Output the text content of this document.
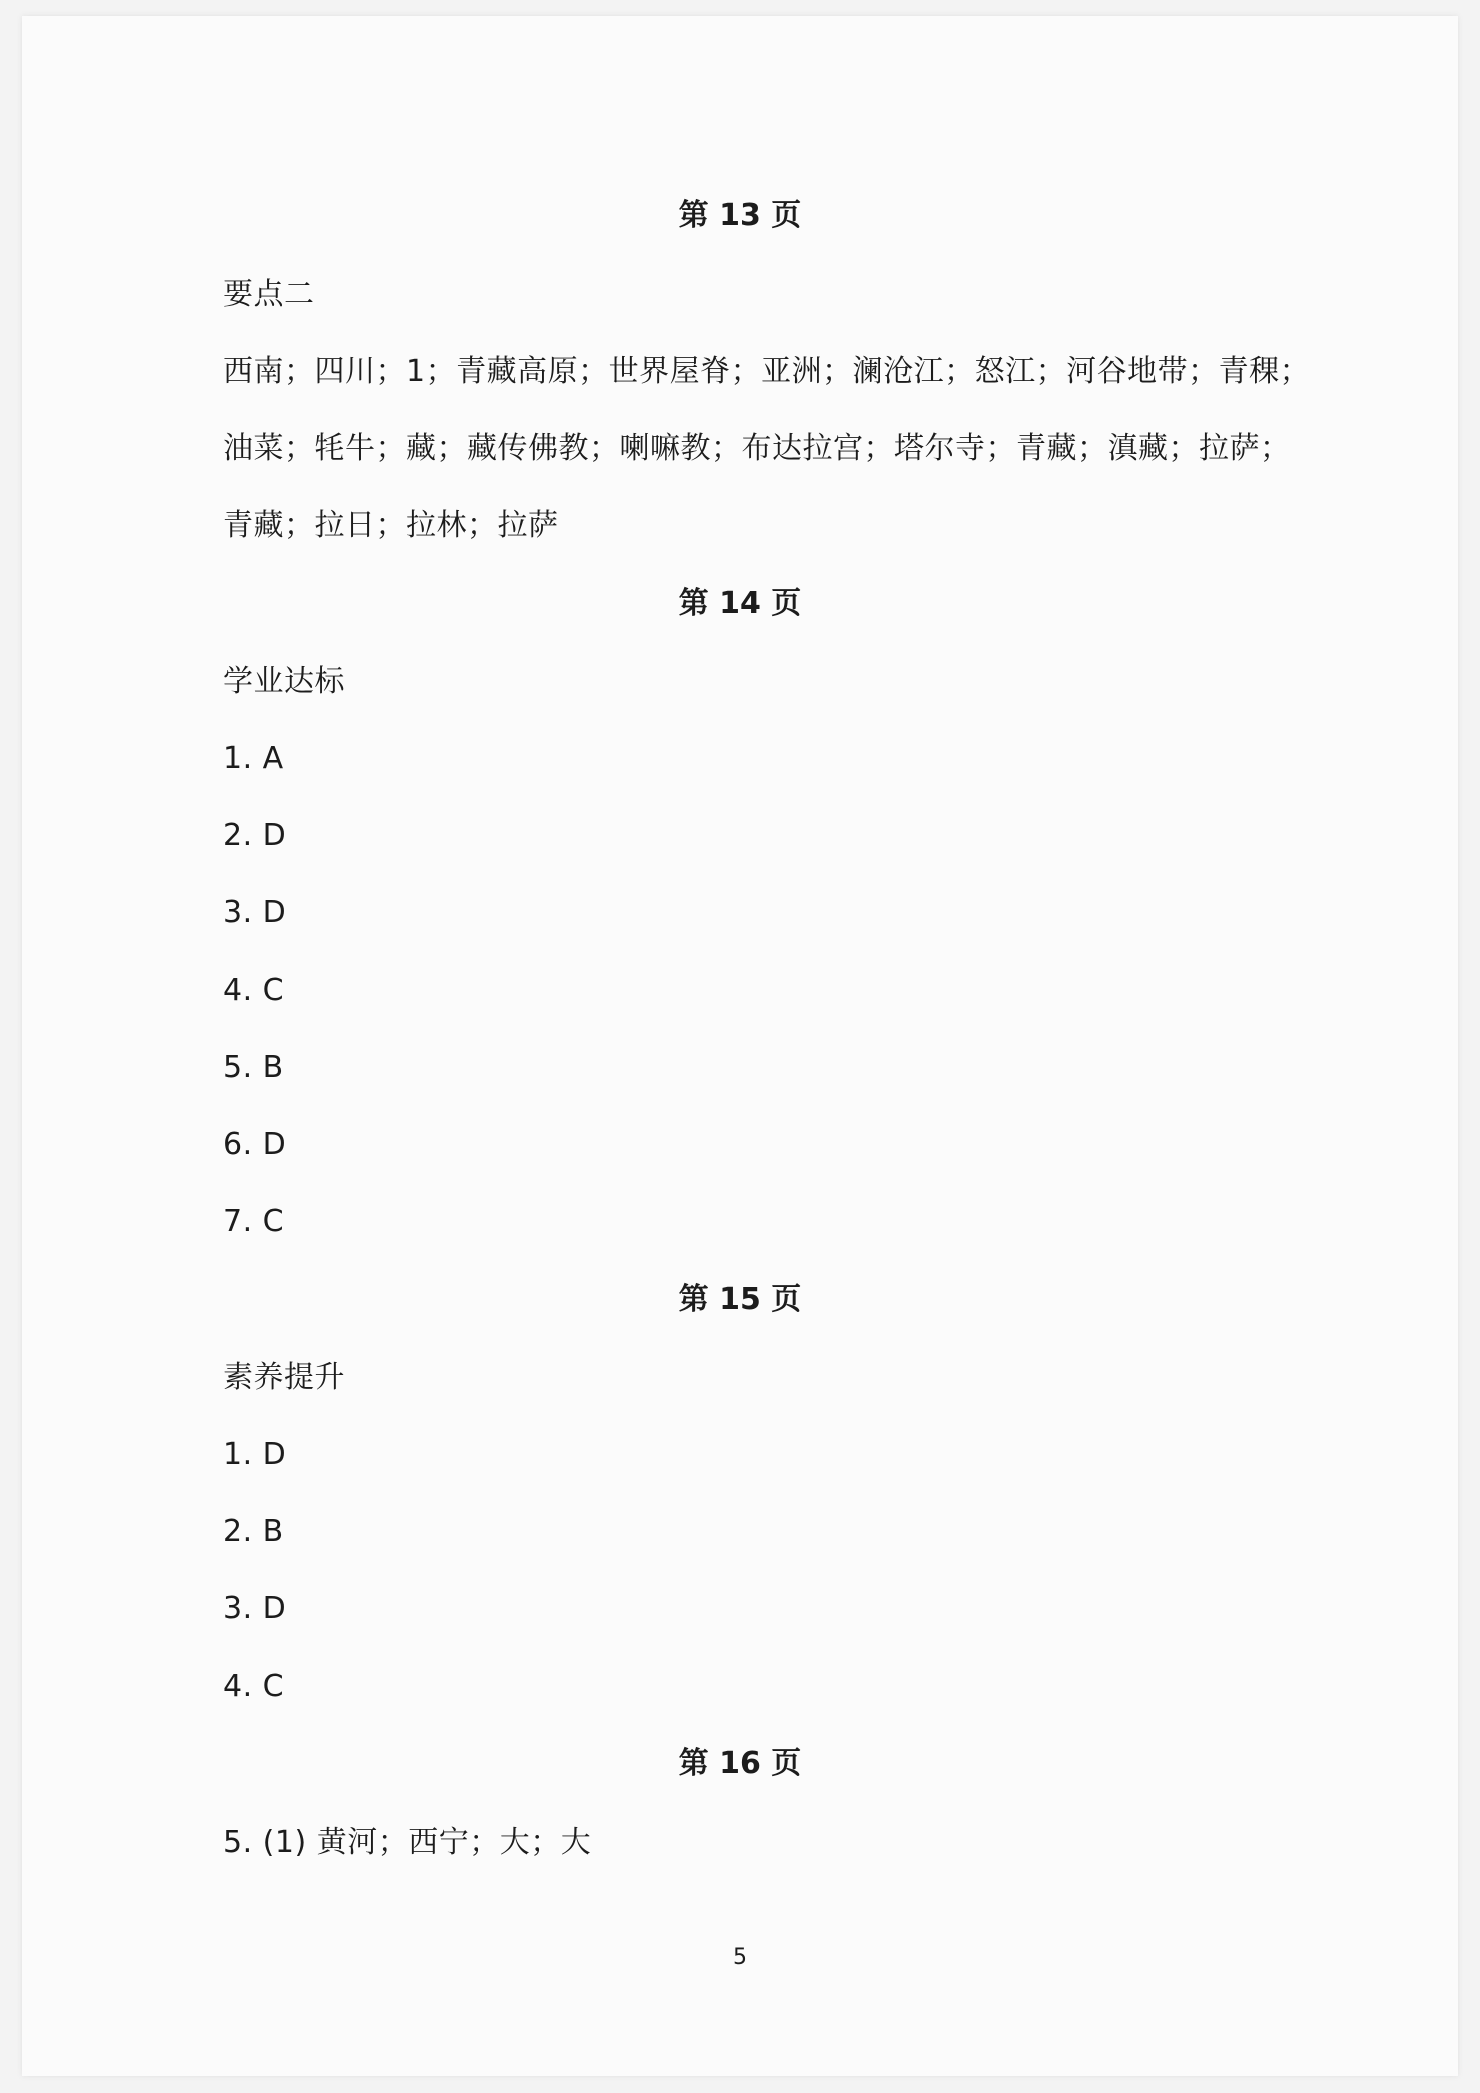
第 13 页
要点二
西南；四川；1；青藏高原；世界屋脊；亚洲；澜沧江；怒江；河谷地带；青稞；
油菜；牦牛；藏；藏传佛教；喇嘛教；布达拉宫；塔尔寺；青藏；滇藏；拉萨；
青藏；拉日；拉林；拉萨
第 14 页
学业达标
1. A
2. D
3. D
4. C
5. B
6. D
7. C
第 15 页
素养提升
1. D
2. B
3. D
4. C
第 16 页
5. (1) 黄河；西宁；大；大
5
